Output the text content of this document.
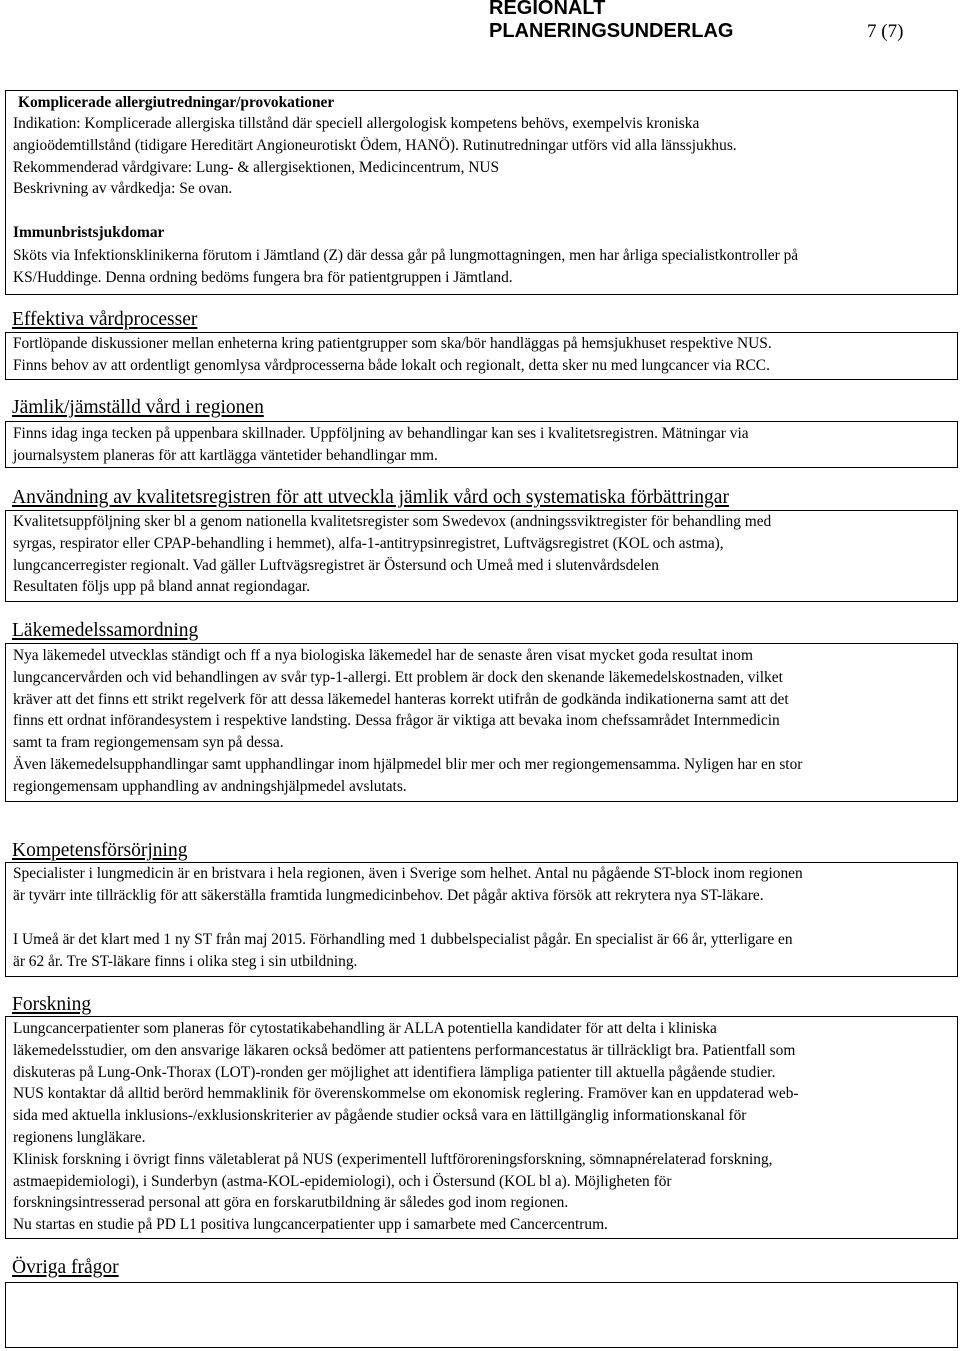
REGIONALT
PLANERINGSUNDERLAG	7 (7)
Komplicerade allergiutredningar/provokationer
Indikation: Komplicerade allergiska tillstånd där speciell allergologisk kompetens behövs, exempelvis kroniska
angioödemtillstånd (tidigare Hereditärt Angioneurotiskt Ödem, HANÖ). Rutinutredningar utförs vid alla länssjukhus.
Rekommenderad vårdgivare: Lung- & allergisektionen, Medicincentrum, NUS
Beskrivning av vårdkedja: Se ovan.
Immunbristsjukdomar
Sköts via Infektionsklinikerna förutom i Jämtland (Z) där dessa går på lungmottagningen, men har årliga specialistkontroller på
KS/Huddinge. Denna ordning bedöms fungera bra för patientgruppen i Jämtland.
Effektiva vårdprocesser
Fortlöpande diskussioner mellan enheterna kring patientgrupper som ska/bör handläggas på hemsjukhuset respektive NUS.
Finns behov av att ordentligt genomlysa vårdprocesserna både lokalt och regionalt, detta sker nu med lungcancer via RCC.
Jämlik/jämställd vård i regionen
Finns idag inga tecken på uppenbara skillnader. Uppföljning av behandlingar kan ses i kvalitetsregistren. Mätningar via
journalsystem planeras för att kartlägga väntetider behandlingar mm.
Användning av kvalitetsregistren för att utveckla jämlik vård och systematiska förbättringar
Kvalitetsuppföljning sker bl a genom nationella kvalitetsregister som Swedevox (andningssviktregister för behandling med
syrgas, respirator eller CPAP-behandling i hemmet), alfa-1-antitrypsinregistret, Luftvägsregistret (KOL och astma),
lungcancerregister regionalt. Vad gäller Luftvägsregistret är Östersund och Umeå med i slutenvårdsdelen
Resultaten följs upp på bland annat regiondagar.
Läkemedelssamordning
Nya läkemedel utvecklas ständigt och ff a nya biologiska läkemedel har de senaste åren visat mycket goda resultat inom
lungcancervården och vid behandlingen av svår typ-1-allergi. Ett problem är dock den skenande läkemedelskostnaden, vilket
kräver att det finns ett strikt regelverk för att dessa läkemedel hanteras korrekt utifrån de godkända indikationerna samt att det
finns ett ordnat införandesystem i respektive landsting. Dessa frågor är viktiga att bevaka inom chefssamrådet Internmedicin
samt ta fram regiongemensam syn på dessa.
Även läkemedelsupphandlingar samt upphandlingar inom hjälpmedel blir mer och mer regiongemensamma. Nyligen har en stor
regiongemensam upphandling av andningshjälpmedel avslutats.
Kompetensförsörjning
Specialister i lungmedicin är en bristvara i hela regionen, även i Sverige som helhet. Antal nu pågående ST-block inom regionen
är tyvärr inte tillräcklig för att säkerställa framtida lungmedicinbehov. Det pågår aktiva försök att rekrytera nya ST-läkare.
I Umeå är det klart med 1 ny ST från maj 2015. Förhandling med 1 dubbelspecialist pågår. En specialist är 66 år, ytterligare en
är 62 år. Tre ST-läkare finns i olika steg i sin utbildning.
Forskning
Lungcancerpatienter som planeras för cytostatikabehandling är ALLA potentiella kandidater för att delta i kliniska
läkemedelsstudier, om den ansvarige läkaren också bedömer att patientens performancestatus är tillräckligt bra. Patientfall som
diskuteras på Lung-Onk-Thorax (LOT)-ronden ger möjlighet att identifiera lämpliga patienter till aktuella pågående studier.
NUS kontaktar då alltid berörd hemmaklinik för överenskommelse om ekonomisk reglering. Framöver kan en uppdaterad web-
sida med aktuella inklusions-/exklusionskriterier av pågående studier också vara en lättillgänglig informationskanal för
regionens lungläkare.
Klinisk forskning i övrigt finns väletablerat på NUS (experimentell luftföroreningsforskning, sömnapnérelaterad forskning,
astmaepidemiologi), i Sunderbyn (astma-KOL-epidemiologi), och i Östersund (KOL bl a). Möjligheten för
forskningsintresserad personal att göra en forskarutbildning är således god inom regionen.
Nu startas en studie på PD L1 positiva lungcancerpatienter upp i samarbete med Cancercentrum.
Övriga frågor
